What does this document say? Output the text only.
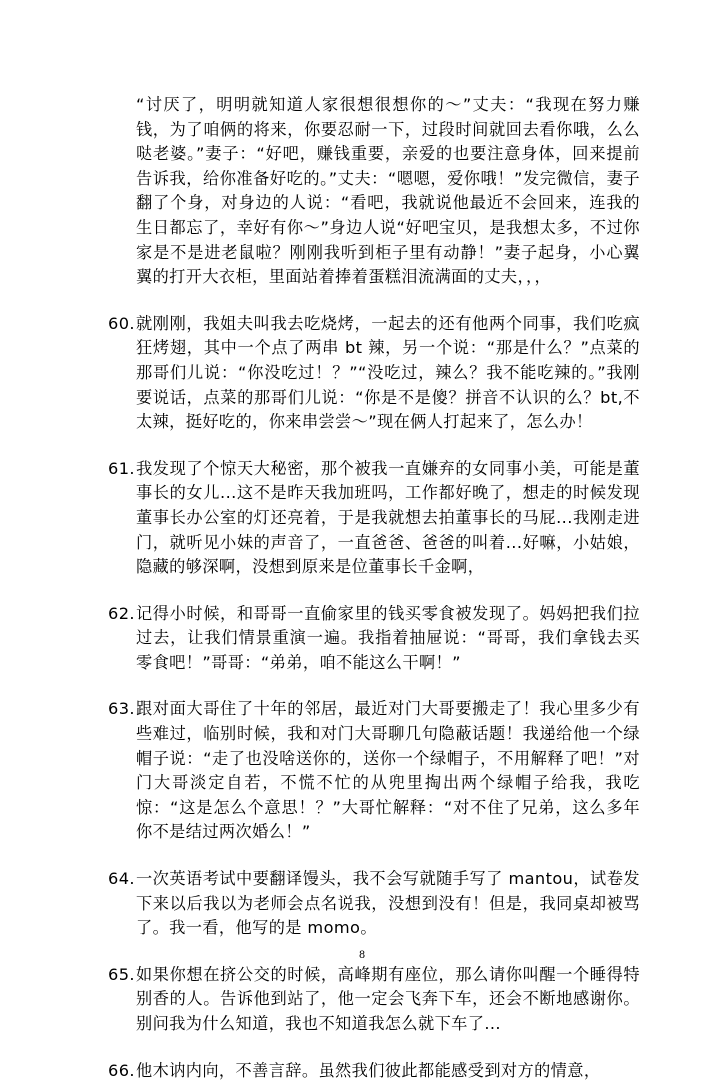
“讨厌了，明明就知道人家很想很想你的～”丈夫：“我现在努力赚钱，为了咱俩的将来，你要忍耐一下，过段时间就回去看你哦，么么哒老婆。”妻子：“好吧，赚钱重要，亲爱的也要注意身体，回来提前告诉我，给你准备好吃的。”丈夫：“嗯嗯，爱你哦！”发完微信，妻子翻了个身，对身边的人说：“看吧，我就说他最近不会回来，连我的生日都忘了，幸好有你～”身边人说“好吧宝贝，是我想太多，不过你家是不是进老鼠啦？刚刚我听到柜子里有动静！”妻子起身，小心翼翼的打开大衣柜，里面站着捧着蛋糕泪流满面的丈夫，，，

60. 就刚刚，我姐夫叫我去吃烧烤，一起去的还有他两个同事，我们吃疯狂烤翅，其中一个点了两串 bt 辣，另一个说：“那是什么？”点菜的那哥们儿说：“你没吃过！？”“没吃过，辣么？我不能吃辣的。”我刚要说话，点菜的那哥们儿说：“你是不是傻？拼音不认识的么？bt,不太辣，挺好吃的，你来串尝尝～”现在俩人打起来了，怎么办！

61. 我发现了个惊天大秘密，那个被我一直嫌弃的女同事小美，可能是董事长的女儿...这不是昨天我加班吗，工作都好晚了，想走的时候发现董事长办公室的灯还亮着，于是我就想去拍董事长的马屁...我刚走进门，就听见小妹的声音了，一直爸爸、爸爸的叫着...好嘛，小姑娘，隐藏的够深啊，没想到原来是位董事长千金啊，

62. 记得小时候，和哥哥一直偷家里的钱买零食被发现了。妈妈把我们拉过去，让我们情景重演一遍。我指着抽屉说：“哥哥，我们拿钱去买零食吧！”哥哥：“弟弟，咱不能这么干啊！”

63. 跟对面大哥住了十年的邻居，最近对门大哥要搬走了！我心里多少有些难过，临别时候，我和对门大哥聊几句隐蔽话题！我递给他一个绿帽子说：“走了也没啥送你的，送你一个绿帽子，不用解释了吧！”对门大哥淡定自若，不慌不忙的从兜里掏出两个绿帽子给我，我吃惊：“这是怎么个意思！？”大哥忙解释：“对不住了兄弟，这么多年你不是结过两次婚么！”

64. 一次英语考试中要翻译馒头，我不会写就随手写了 mantou，试卷发下来以后我以为老师会点名说我，没想到没有！但是，我同桌却被骂了。我一看，他写的是 momo。

65. 如果你想在挤公交的时候，高峰期有座位，那么请你叫醒一个睡得特别香的人。告诉他到站了，他一定会飞奔下车，还会不断地感谢你。别问我为什么知道，我也不知道我怎么就下车了...

66. 他木讷内向，不善言辞。虽然我们彼此都能感受到对方的情意，

8
